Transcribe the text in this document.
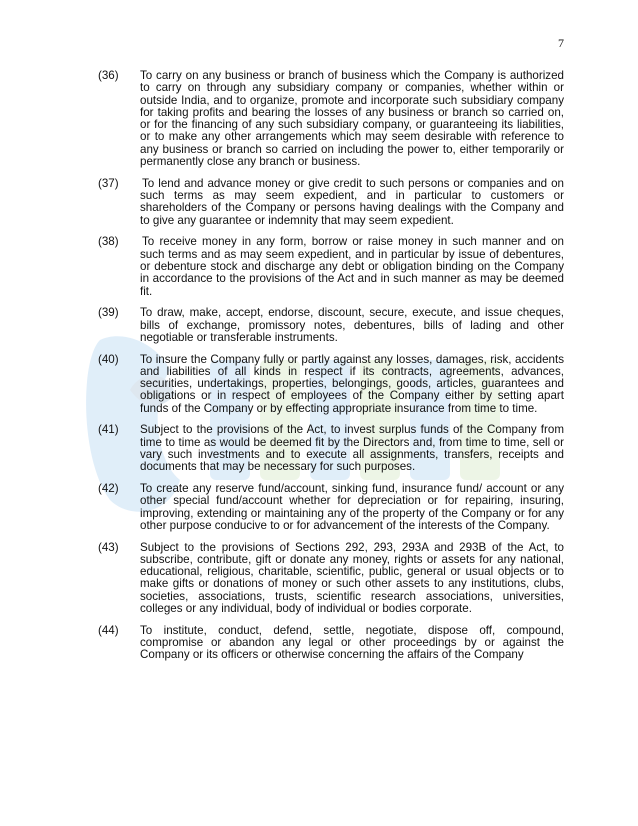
7
(36)	To carry on any business or branch of business which the Company is authorized to carry on through any subsidiary company or companies, whether within or outside India, and to organize, promote and incorporate such subsidiary company for taking profits and bearing the losses of any business or branch so carried on, or for the financing of any such subsidiary company, or guaranteeing its liabilities, or to make any other arrangements which may seem desirable with reference to any business or branch so carried on including the power to, either temporarily or permanently close any branch or business.
(37)	To lend and advance money or give credit to such persons or companies and on such terms as may seem expedient, and in particular to customers or shareholders of the Company or persons having dealings with the Company and to give any guarantee or indemnity that may seem expedient.
(38)	To receive money in any form, borrow or raise money in such manner and on such terms and as may seem expedient, and in particular by issue of debentures, or debenture stock and discharge any debt or obligation binding on the Company in accordance to the provisions of the Act and in such manner as may be deemed fit.
(39)	To draw, make, accept, endorse, discount, secure, execute, and issue cheques, bills of exchange, promissory notes, debentures, bills of lading and other negotiable or transferable instruments.
(40)	To insure the Company fully or partly against any losses, damages, risk, accidents and liabilities of all kinds in respect if its contracts, agreements, advances, securities, undertakings, properties, belongings, goods, articles, guarantees and obligations or in respect of employees of the Company either by setting apart funds of the Company or by effecting appropriate insurance from time to time.
(41)	Subject to the provisions of the Act, to invest surplus funds of the Company from time to time as would be deemed fit by the Directors and, from time to time, sell or vary such investments and to execute all assignments, transfers, receipts and documents that may be necessary for such purposes.
(42)	To create any reserve fund/account, sinking fund, insurance fund/ account or any other special fund/account whether for depreciation or for repairing, insuring, improving, extending or maintaining any of the property of the Company or for any other purpose conducive to or for advancement of the interests of the Company.
(43)	Subject to the provisions of Sections 292, 293, 293A and 293B of the Act, to subscribe, contribute, gift or donate any money, rights or assets for any national, educational, religious, charitable, scientific, public, general or usual objects or to make gifts or donations of money or such other assets to any institutions, clubs, societies, associations, trusts, scientific research associations, universities, colleges or any individual, body of individual or bodies corporate.
(44)	To institute, conduct, defend, settle, negotiate, dispose off, compound, compromise or abandon any legal or other proceedings by or against the Company or its officers or otherwise concerning the affairs of the Company
